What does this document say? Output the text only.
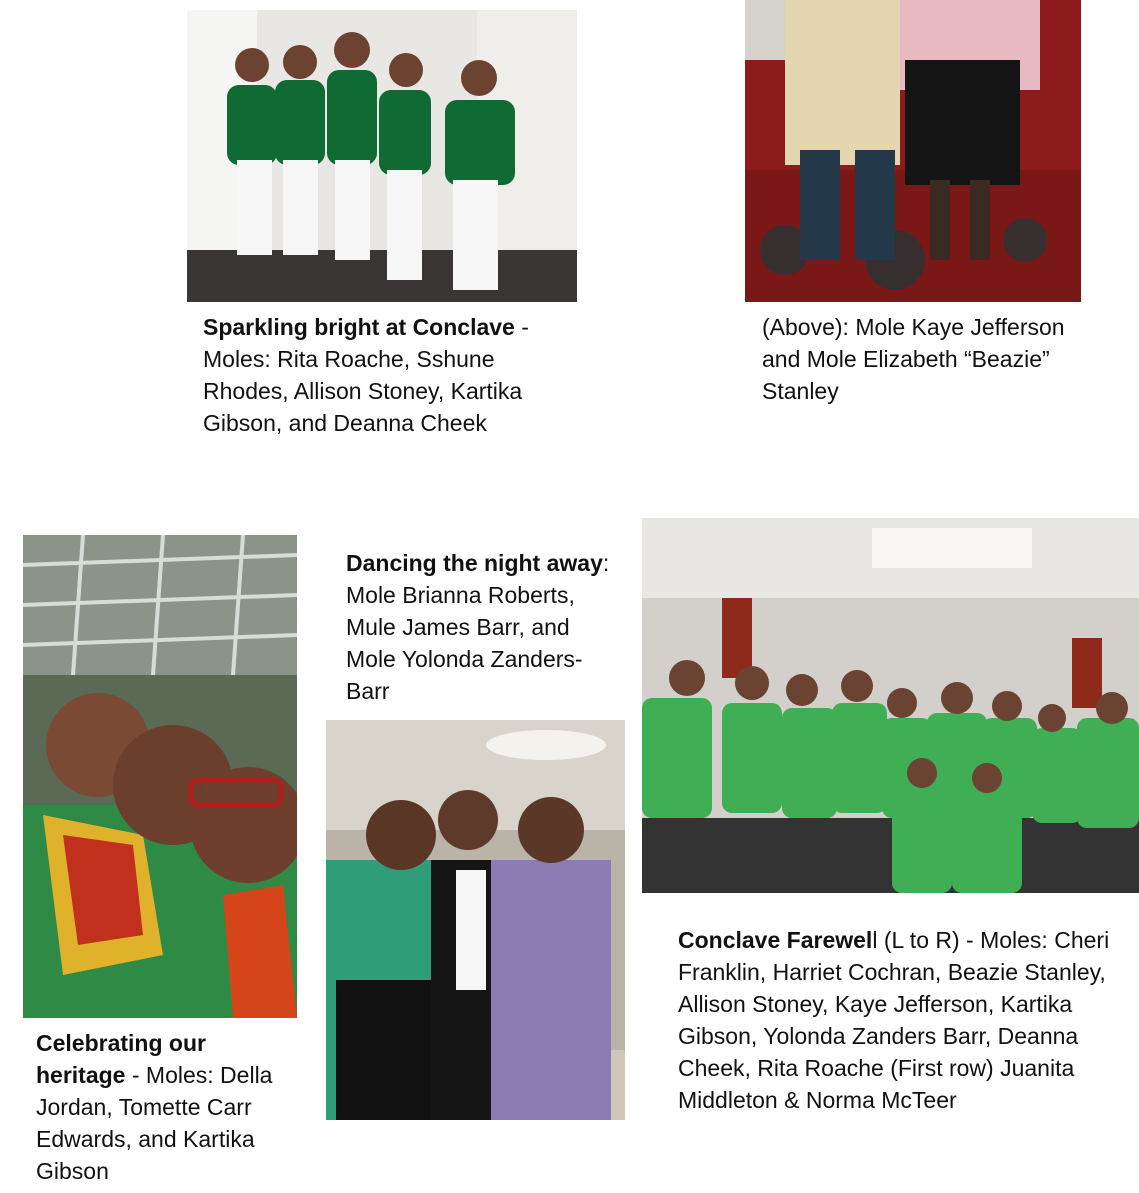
Sparkling bright at Conclave - Moles: Rita Roache, Sshune Rhodes, Allison Stoney, Kartika Gibson, and Deanna Cheek
(Above): Mole Kaye Jefferson and Mole Elizabeth “Beazie” Stanley
Celebrating our heritage - Moles: Della Jordan, Tomette Carr Edwards, and Kartika Gibson
Dancing the night away: Mole Brianna Roberts, Mule James Barr, and Mole Yolonda Zanders-Barr
Conclave Farewell (L to R) - Moles: Cheri Franklin, Harriet Cochran, Beazie Stanley, Allison Stoney, Kaye Jefferson, Kartika Gibson, Yolonda Zanders Barr, Deanna Cheek, Rita Roache (First row) Juanita Middleton & Norma McTeer
